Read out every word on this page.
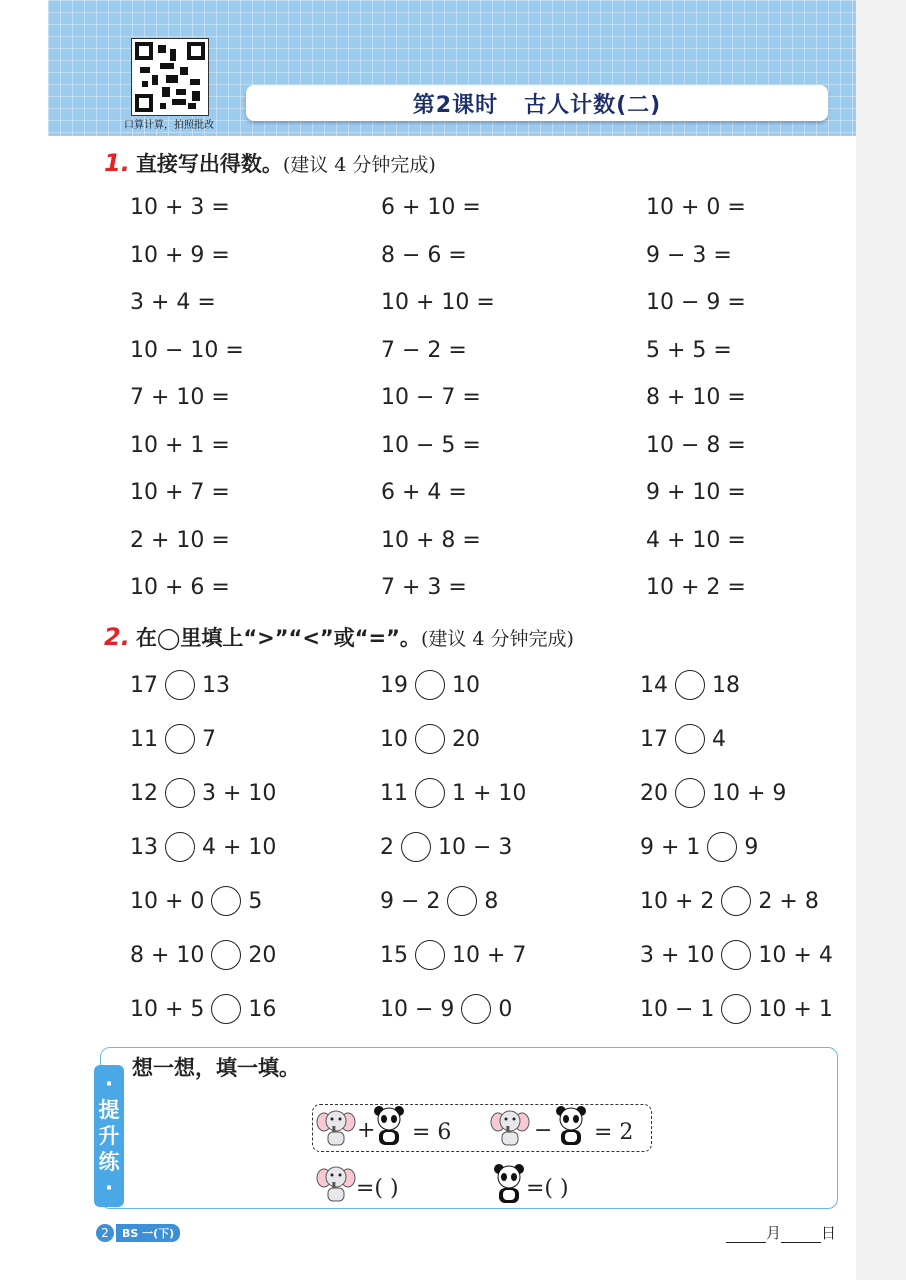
口算计算，拍照批改
第2课时 古人计数(二)
1. 直接写出得数。(建议 4 分钟完成)
10 + 3 =	6 + 10 =	10 + 0 =
10 + 9 =	8 − 6 =	9 − 3 =
3 + 4 =	10 + 10 =	10 − 9 =
10 − 10 =	7 − 2 =	5 + 5 =
7 + 10 =	10 − 7 =	8 + 10 =
10 + 1 =	10 − 5 =	10 − 8 =
10 + 7 =	6 + 4 =	9 + 10 =
2 + 10 =	10 + 8 =	4 + 10 =
10 + 6 =	7 + 3 =	10 + 2 =
2. 在◯里填上“>”“<”或“=”。(建议 4 分钟完成)
17 13	19 10	14 18
11 7	10 20	17 4
12 3 + 10	11 1 + 10	20 10 + 9
13 4 + 10	2 10 − 3	9 + 1 9
10 + 0 5	9 − 2 8	10 + 2 2 + 8
8 + 10 20	15 10 + 7	3 + 10 10 + 4
10 + 5 16	10 − 9 0	10 − 1 10 + 1
·
提
升
练
·
想一想，填一填。
+ = 6	− = 2
=( )	=( )
2	BS 一(下)	月	日
